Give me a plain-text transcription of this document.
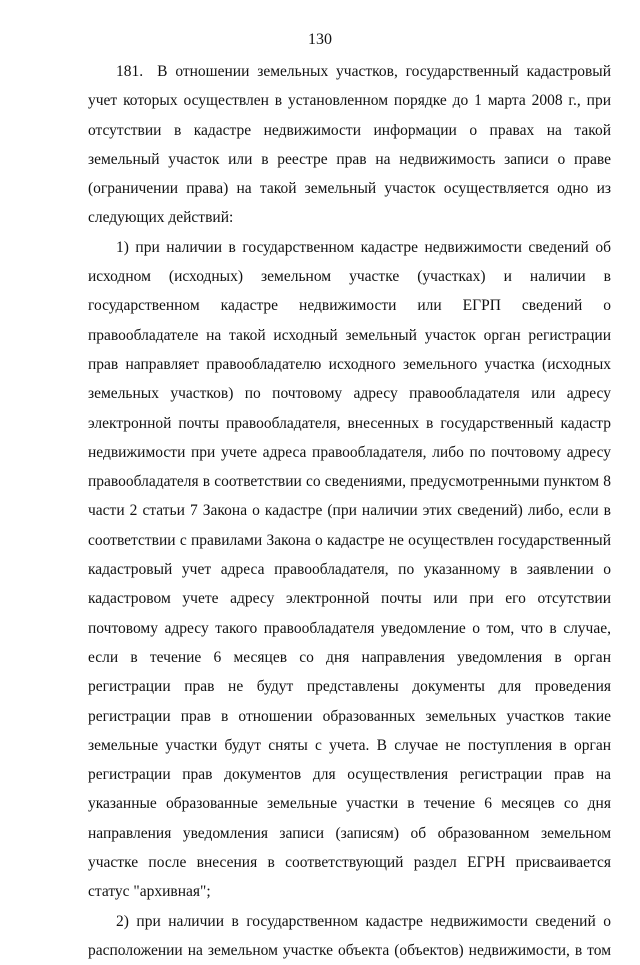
130

181. В отношении земельных участков, государственный кадастровый учет которых осуществлен в установленном порядке до 1 марта 2008 г., при отсутствии в кадастре недвижимости информации о правах на такой земельный участок или в реестре прав на недвижимость записи о праве (ограничении права) на такой земельный участок осуществляется одно из следующих действий:

1) при наличии в государственном кадастре недвижимости сведений об исходном (исходных) земельном участке (участках) и наличии в государственном кадастре недвижимости или ЕГРП сведений о правообладателе на такой исходный земельный участок орган регистрации прав направляет правообладателю исходного земельного участка (исходных земельных участков) по почтовому адресу правообладателя или адресу электронной почты правообладателя, внесенных в государственный кадастр недвижимости при учете адреса правообладателя, либо по почтовому адресу правообладателя в соответствии со сведениями, предусмотренными пунктом 8 части 2 статьи 7 Закона о кадастре (при наличии этих сведений) либо, если в соответствии с правилами Закона о кадастре не осуществлен государственный кадастровый учет адреса правообладателя, по указанному в заявлении о кадастровом учете адресу электронной почты или при его отсутствии почтовому адресу такого правообладателя уведомление о том, что в случае, если в течение 6 месяцев со дня направления уведомления в орган регистрации прав не будут представлены документы для проведения регистрации прав в отношении образованных земельных участков такие земельные участки будут сняты с учета. В случае не поступления в орган регистрации прав документов для осуществления регистрации прав на указанные образованные земельные участки в течение 6 месяцев со дня направления уведомления записи (записям) об образованном земельном участке после внесения в соответствующий раздел ЕГРН присваивается статус "архивная";

2) при наличии в государственном кадастре недвижимости сведений о расположении на земельном участке объекта (объектов) недвижимости, в том
